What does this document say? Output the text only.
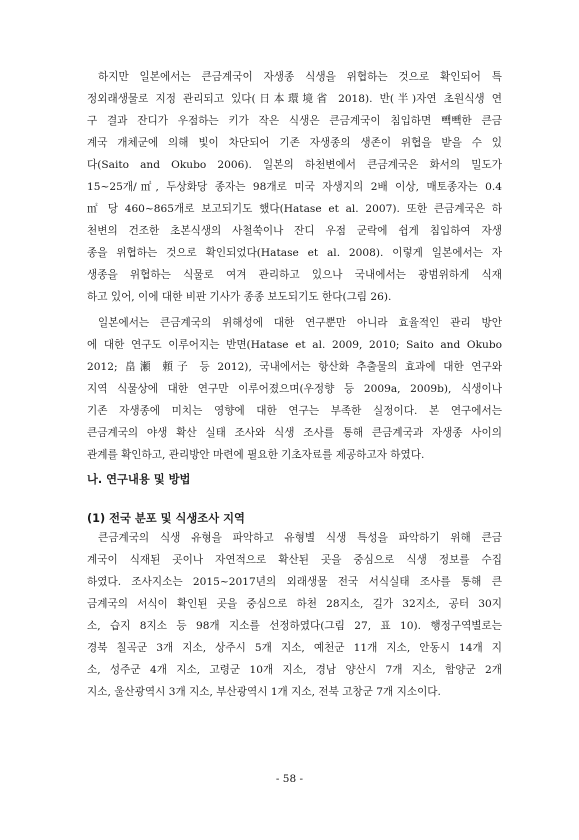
하지만 일본에서는 큰금계국이 자생종 식생을 위협하는 것으로 확인되어 특
정외래생물로 지정 관리되고 있다(日本環境省 2018). 반(半)자연 초원식생 연
구 결과 잔디가 우점하는 키가 작은 식생은 큰금계국이 침입하면 빽빽한 큰금
계국 개체군에 의해 빛이 차단되어 기존 자생종의 생존이 위협을 받을 수 있
다(Saito and Okubo 2006). 일본의 하천변에서 큰금계국은 화서의 밀도가
15~25개/㎡, 두상화당 종자는 98개로 미국 자생지의 2배 이상, 매토종자는 0.4
㎡ 당 460~865개로 보고되기도 했다(Hatase et al. 2007). 또한 큰금계국은 하
천변의 건조한 초본식생의 사철쑥이나 잔디 우점 군락에 쉽게 침입하여 자생
종을 위협하는 것으로 확인되었다(Hatase et al. 2008). 이렇게 일본에서는 자
생종을 위협하는 식물로 여겨 관리하고 있으나 국내에서는 광범위하게 식재
하고 있어, 이에 대한 비판 기사가 종종 보도되기도 한다(그림 26).
일본에서는 큰금계국의 위해성에 대한 연구뿐만 아니라 효율적인 관리 방안
에 대한 연구도 이루어지는 반면(Hatase et al. 2009, 2010; Saito and Okubo
2012; 畠瀬 頼子 등 2012), 국내에서는 항산화 추출물의 효과에 대한 연구와
지역 식물상에 대한 연구만 이루어졌으며(우정향 등 2009a, 2009b), 식생이나
기존 자생종에 미치는 영향에 대한 연구는 부족한 실정이다. 본 연구에서는
큰금계국의 야생 확산 실태 조사와 식생 조사를 통해 큰금계국과 자생종 사이의
관계를 확인하고, 관리방안 마련에 필요한 기초자료를 제공하고자 하였다.
나. 연구내용 및 방법
(1) 전국 분포 및 식생조사 지역
큰금계국의 식생 유형을 파악하고 유형별 식생 특성을 파악하기 위해 큰금
계국이 식재된 곳이나 자연적으로 확산된 곳을 중심으로 식생 정보를 수집
하였다. 조사지소는 2015~2017년의 외래생물 전국 서식실태 조사를 통해 큰
금계국의 서식이 확인된 곳을 중심으로 하천 28지소, 길가 32지소, 공터 30지
소, 습지 8지소 등 98개 지소를 선정하였다(그림 27, 표 10). 행정구역별로는
경북 칠곡군 3개 지소, 상주시 5개 지소, 예천군 11개 지소, 안동시 14개 지
소, 성주군 4개 지소, 고령군 10개 지소, 경남 양산시 7개 지소, 함양군 2개
지소, 울산광역시 3개 지소, 부산광역시 1개 지소, 전북 고창군 7개 지소이다.
- 58 -
